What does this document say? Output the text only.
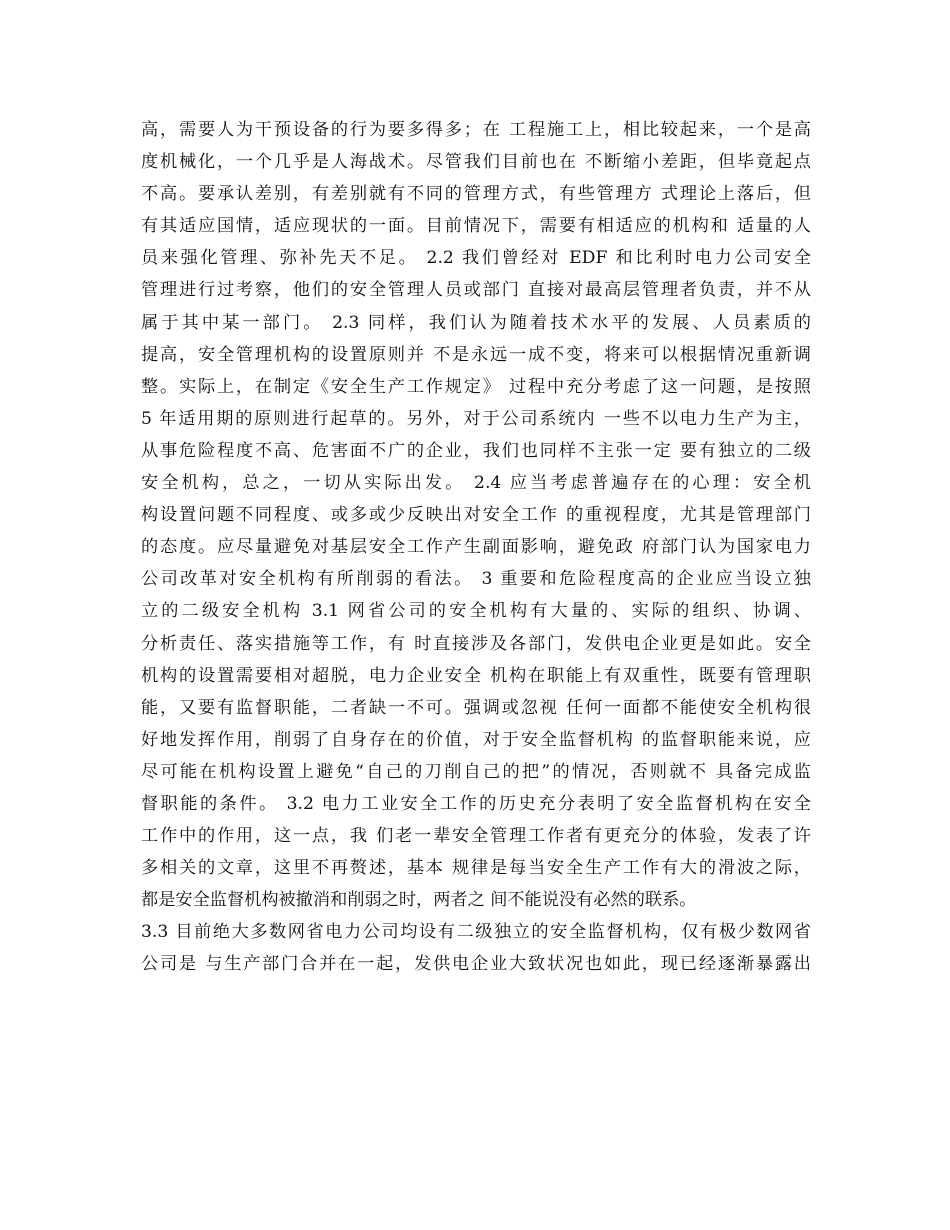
高，需要人为干预设备的行为要多得多；在 工程施工上，相比较起来，一个是高
度机械化，一个几乎是人海战术。尽管我们目前也在 不断缩小差距，但毕竟起点
不高。要承认差别，有差别就有不同的管理方式，有些管理方 式理论上落后，但
有其适应国情，适应现状的一面。目前情况下，需要有相适应的机构和 适量的人
员来强化管理、弥补先天不足。 2.2 我们曾经对 EDF 和比利时电力公司安全
管理进行过考察，他们的安全管理人员或部门 直接对最高层管理者负责，并不从
属于其中某一部门。 2.3 同样，我们认为随着技术水平的发展、人员素质的
提高，安全管理机构的设置原则并 不是永远一成不变，将来可以根据情况重新调
整。实际上，在制定《安全生产工作规定》 过程中充分考虑了这一问题，是按照
5 年适用期的原则进行起草的。另外，对于公司系统内 一些不以电力生产为主，
从事危险程度不高、危害面不广的企业，我们也同样不主张一定 要有独立的二级
安全机构，总之，一切从实际出发。 2.4 应当考虑普遍存在的心理：安全机
构设置问题不同程度、或多或少反映出对安全工作 的重视程度，尤其是管理部门
的态度。应尽量避免对基层安全工作产生副面影响，避免政 府部门认为国家电力
公司改革对安全机构有所削弱的看法。 3 重要和危险程度高的企业应当设立独
立的二级安全机构 3.1 网省公司的安全机构有大量的、实际的组织、协调、
分析责任、落实措施等工作，有 时直接涉及各部门，发供电企业更是如此。安全
机构的设置需要相对超脱，电力企业安全 机构在职能上有双重性，既要有管理职
能，又要有监督职能，二者缺一不可。强调或忽视 任何一面都不能使安全机构很
好地发挥作用，削弱了自身存在的价值，对于安全监督机构 的监督职能来说，应
尽可能在机构设置上避免“自己的刀削自己的把”的情况，否则就不 具备完成监
督职能的条件。 3.2 电力工业安全工作的历史充分表明了安全监督机构在安全
工作中的作用，这一点，我 们老一辈安全管理工作者有更充分的体验，发表了许
多相关的文章，这里不再赘述，基本 规律是每当安全生产工作有大的滑波之际，
都是安全监督机构被撤消和削弱之时，两者之 间不能说没有必然的联系。
3.3 目前绝大多数网省电力公司均设有二级独立的安全监督机构，仅有极少数网省
公司是 与生产部门合并在一起，发供电企业大致状况也如此，现已经逐渐暴露出
